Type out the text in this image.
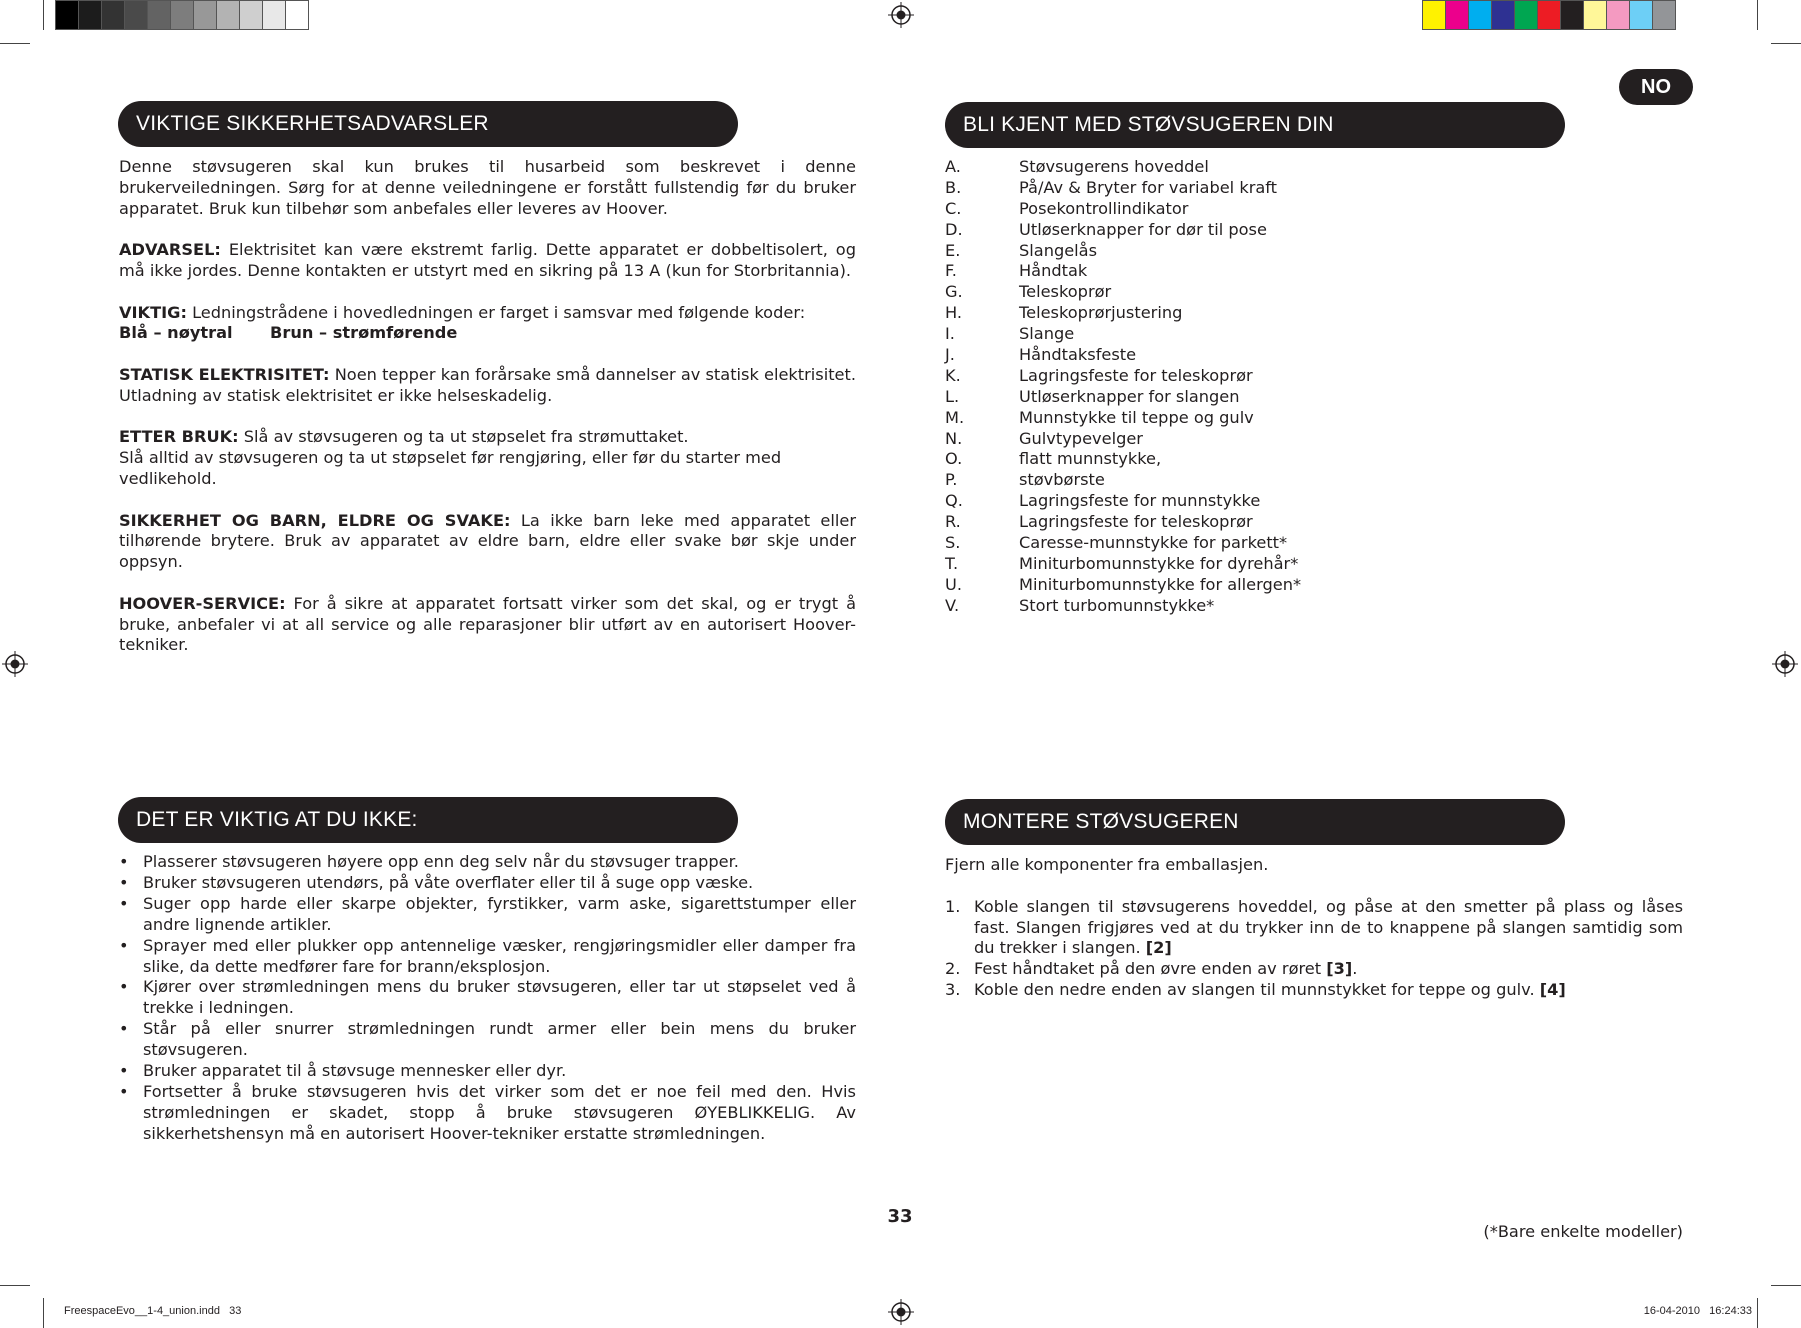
NO
VIKTIGE SIKKERHETSADVARSLER

Denne støvsugeren skal kun brukes til husarbeid som beskrevet i denne brukerveiledningen. Sørg for at denne veiledningene er forstått fullstendig før du bruker apparatet. Bruk kun tilbehør som anbefales eller leveres av Hoover.

ADVARSEL: Elektrisitet kan være ekstremt farlig. Dette apparatet er dobbeltisolert, og må ikke jordes. Denne kontakten er utstyrt med en sikring på 13 A (kun for Storbritannia).

VIKTIG: Ledningstrådene i hovedledningen er farget i samsvar med følgende koder:
Blå – nøytral Brun – strømførende

STATISK ELEKTRISITET: Noen tepper kan forårsake små dannelser av statisk elektrisitet. Utladning av statisk elektrisitet er ikke helseskadelig.

ETTER BRUK: Slå av støvsugeren og ta ut støpselet fra strømuttaket.
Slå alltid av støvsugeren og ta ut støpselet før rengjøring, eller før du starter med vedlikehold.

SIKKERHET OG BARN, ELDRE OG SVAKE: La ikke barn leke med apparatet eller tilhørende brytere. Bruk av apparatet av eldre barn, eldre eller svake bør skje under oppsyn.

HOOVER-SERVICE: For å sikre at apparatet fortsatt virker som det skal, og er trygt å bruke, anbefaler vi at all service og alle reparasjoner blir utført av en autorisert Hoover-tekniker.

BLI KJENT MED STØVSUGEREN DIN
A.	Støvsugerens hoveddel
B.	På/Av & Bryter for variabel kraft
C.	Posekontrollindikator
D.	Utløserknapper for dør til pose
E.	Slangelås
F.	Håndtak
G.	Teleskoprør
H.	Teleskoprørjustering
I.	Slange
J.	Håndtaksfeste
K.	Lagringsfeste for teleskoprør
L.	Utløserknapper for slangen
M.	Munnstykke til teppe og gulv
N.	Gulvtypevelger
O.	flatt munnstykke,
P.	støvbørste
Q.	Lagringsfeste for munnstykke
R.	Lagringsfeste for teleskoprør
S.	Caresse-munnstykke for parkett*
T.	Miniturbomunnstykke for dyrehår*
U.	Miniturbomunnstykke for allergen*
V.	Stort turbomunnstykke*
DET ER VIKTIG AT DU IKKE:
• Plasserer støvsugeren høyere opp enn deg selv når du støvsuger trapper.
• Bruker støvsugeren utendørs, på våte overflater eller til å suge opp væske.
• Suger opp harde eller skarpe objekter, fyrstikker, varm aske, sigarettstumper eller andre lignende artikler.
• Sprayer med eller plukker opp antennelige væsker, rengjøringsmidler eller damper fra slike, da dette medfører fare for brann/eksplosjon.
• Kjører over strømledningen mens du bruker støvsugeren, eller tar ut støpselet ved å trekke i ledningen.
• Står på eller snurrer strømledningen rundt armer eller bein mens du bruker støvsugeren.
• Bruker apparatet til å støvsuge mennesker eller dyr.
• Fortsetter å bruke støvsugeren hvis det virker som det er noe feil med den. Hvis strømledningen er skadet, stopp å bruke støvsugeren ØYEBLIKKELIG. Av sikkerhetshensyn må en autorisert Hoover-tekniker erstatte strømledningen.
MONTERE STØVSUGEREN

Fjern alle komponenter fra emballasjen.

1. Koble slangen til støvsugerens hoveddel, og påse at den smetter på plass og låses fast. Slangen frigjøres ved at du trykker inn de to knappene på slangen samtidig som du trekker i slangen. [2]
2. Fest håndtaket på den øvre enden av røret [3].
3. Koble den nedre enden av slangen til munnstykket for teppe og gulv. [4]
33
(*Bare enkelte modeller)
FreespaceEvo__1-4_union.indd   33	16-04-2010   16:24:33
